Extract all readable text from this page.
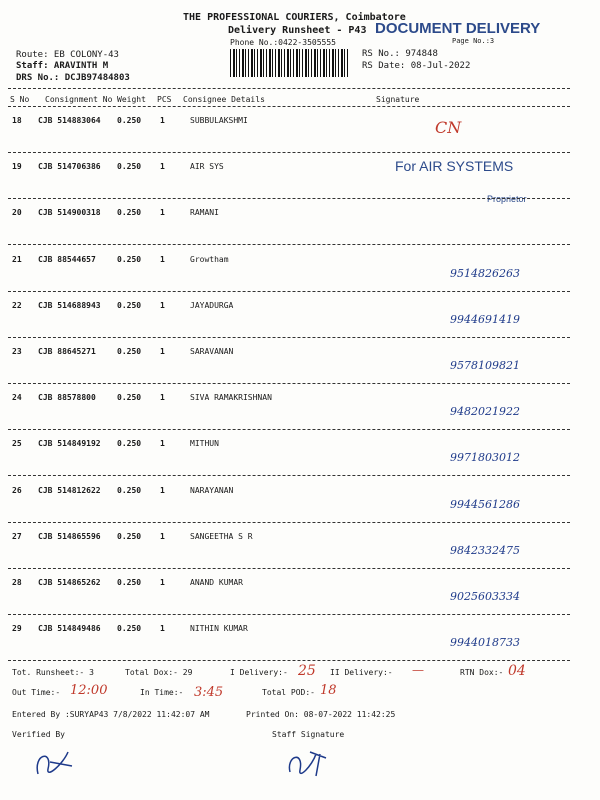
THE PROFESSIONAL COURIERS, Coimbatore
Delivery Runsheet - P43
Phone No.:0422-3505555
DOCUMENT DELIVERY
Page No.:3
Route: EB COLONY-43
Staff: ARAVINTH M
DRS No.: DCJB97484803
RS No.: 974848
RS Date: 08-Jul-2022
S No Consignment No Weight PCS Consignee Details	Signature
18 CJB 514883064 0.250 1	SUBBULAKSHMI	CN
19 CJB 514706386 0.250 1	AIR SYS	For AIR SYSTEMS
Proprietor
20 CJB 514900318 0.250 1	RAMANI
21 CJB 88544657	0.250 1	Growtham
9514826263
22 CJB 514688943 0.250 1	JAYADURGA
9944691419
23 CJB 88645271	0.250 1	SARAVANAN
9578109821
24 CJB 88578800	0.250 1	SIVA RAMAKRISHNAN
9482021922
25 CJB 514849192 0.250 1	MITHUN
9971803012
26 CJB 514812622 0.250 1	NARAYANAN
9944561286
27 CJB 514865596 0.250 1	SANGEETHA S R
9842332475
28 CJB 514865262 0.250 1	ANAND KUMAR
9025603334
29 CJB 514849486 0.250 1	NITHIN KUMAR
9944018733
Tot. Runsheet:- 3	Total Dox:- 29	I Delivery:- 25 II Delivery:- —	RTN Dox:- 04
Out Time:- 12:00	In Time:- 3:45	Total POD:- 18
Entered By :SURYAP43 7/8/2022 11:42:07 AM	Printed On: 08-07-2022 11:42:25
Verified By	Staff Signature
